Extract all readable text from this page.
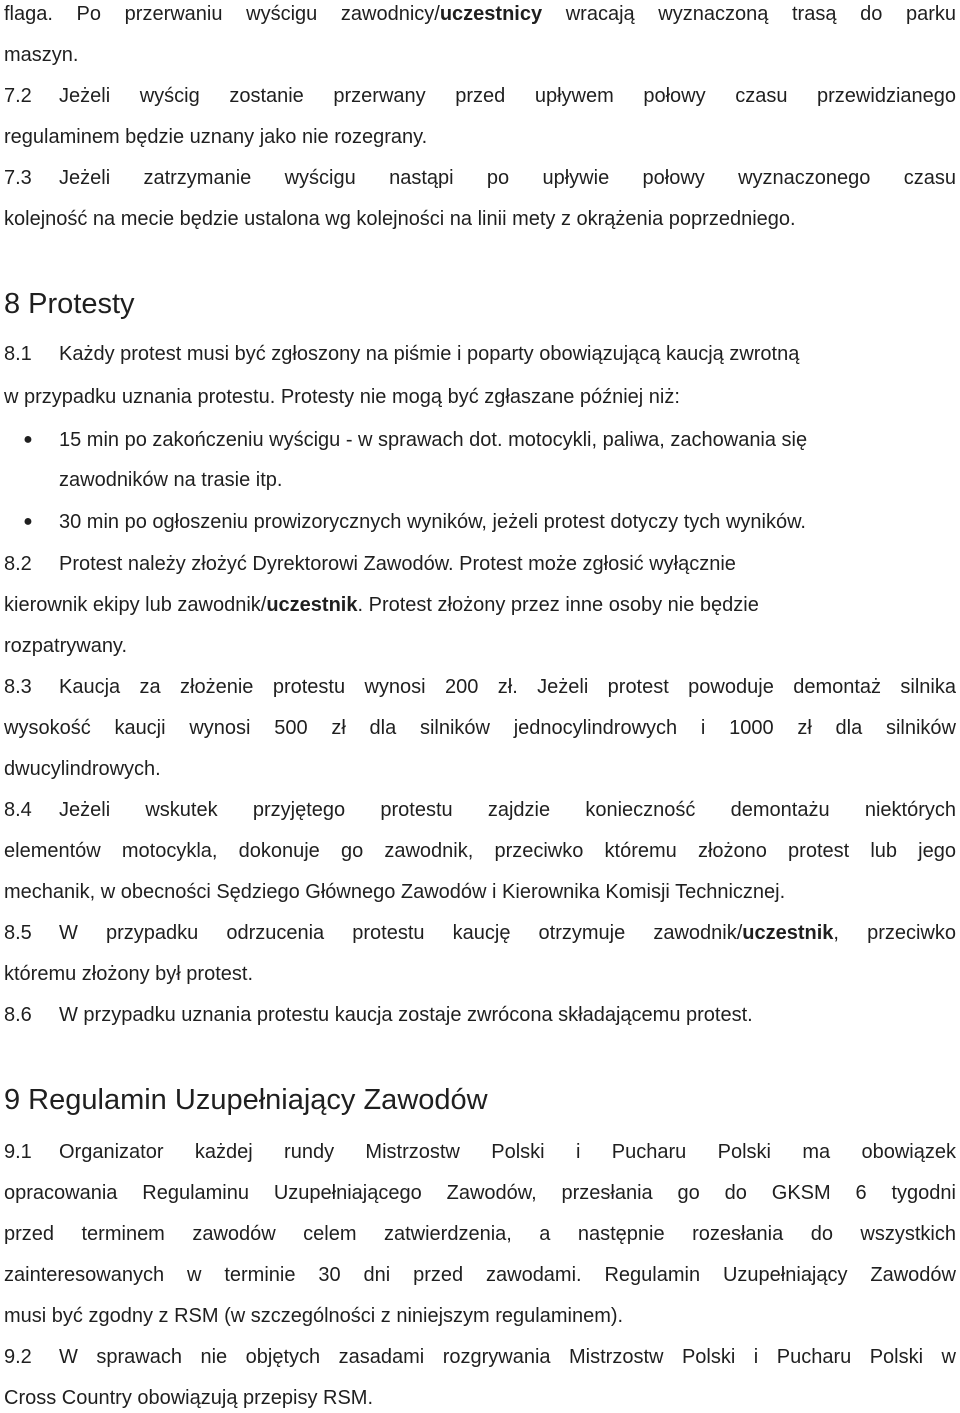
flaga. Po przerwaniu wyścigu zawodnicy/uczestnicy wracają wyznaczoną trasą do parku
maszyn.
7.2 Jeżeli wyścig zostanie przerwany przed upływem połowy czasu przewidzianego
regulaminem będzie uznany jako nie rozegrany.
7.3 Jeżeli zatrzymanie wyścigu nastąpi po upływie połowy wyznaczonego czasu
kolejność na mecie będzie ustalona wg kolejności na linii mety z okrążenia poprzedniego.
8 Protesty
8.1 Każdy protest musi być zgłoszony na piśmie i poparty obowiązującą kaucją zwrotną
w przypadku uznania protestu. Protesty nie mogą być zgłaszane później niż:
●	15 min po zakończeniu wyścigu - w sprawach dot. motocykli, paliwa, zachowania się
zawodników na trasie itp.
●	30 min po ogłoszeniu prowizorycznych wyników, jeżeli protest dotyczy tych wyników.
8.2 Protest należy złożyć Dyrektorowi Zawodów. Protest może zgłosić wyłącznie
kierownik ekipy lub zawodnik/uczestnik. Protest złożony przez inne osoby nie będzie
rozpatrywany.
8.3 Kaucja za złożenie protestu wynosi 200 zł. Jeżeli protest powoduje demontaż silnika
wysokość kaucji wynosi 500 zł dla silników jednocylindrowych i 1000 zł dla silników
dwucylindrowych.
8.4 Jeżeli wskutek przyjętego protestu zajdzie konieczność demontażu niektórych
elementów motocykla, dokonuje go zawodnik, przeciwko któremu złożono protest lub jego
mechanik, w obecności Sędziego Głównego Zawodów i Kierownika Komisji Technicznej.
8.5 W przypadku odrzucenia protestu kaucję otrzymuje zawodnik/uczestnik, przeciwko
któremu złożony był protest.
8.6 W przypadku uznania protestu kaucja zostaje zwrócona składającemu protest.
9 Regulamin Uzupełniający Zawodów
9.1 Organizator każdej rundy Mistrzostw Polski i Pucharu Polski ma obowiązek
opracowania Regulaminu Uzupełniającego Zawodów, przesłania go do GKSM 6 tygodni
przed terminem zawodów celem zatwierdzenia, a następnie rozesłania do wszystkich
zainteresowanych w terminie 30 dni przed zawodami. Regulamin Uzupełniający Zawodów
musi być zgodny z RSM (w szczególności z niniejszym regulaminem).
9.2 W sprawach nie objętych zasadami rozgrywania Mistrzostw Polski i Pucharu Polski w
Cross Country obowiązują przepisy RSM.
